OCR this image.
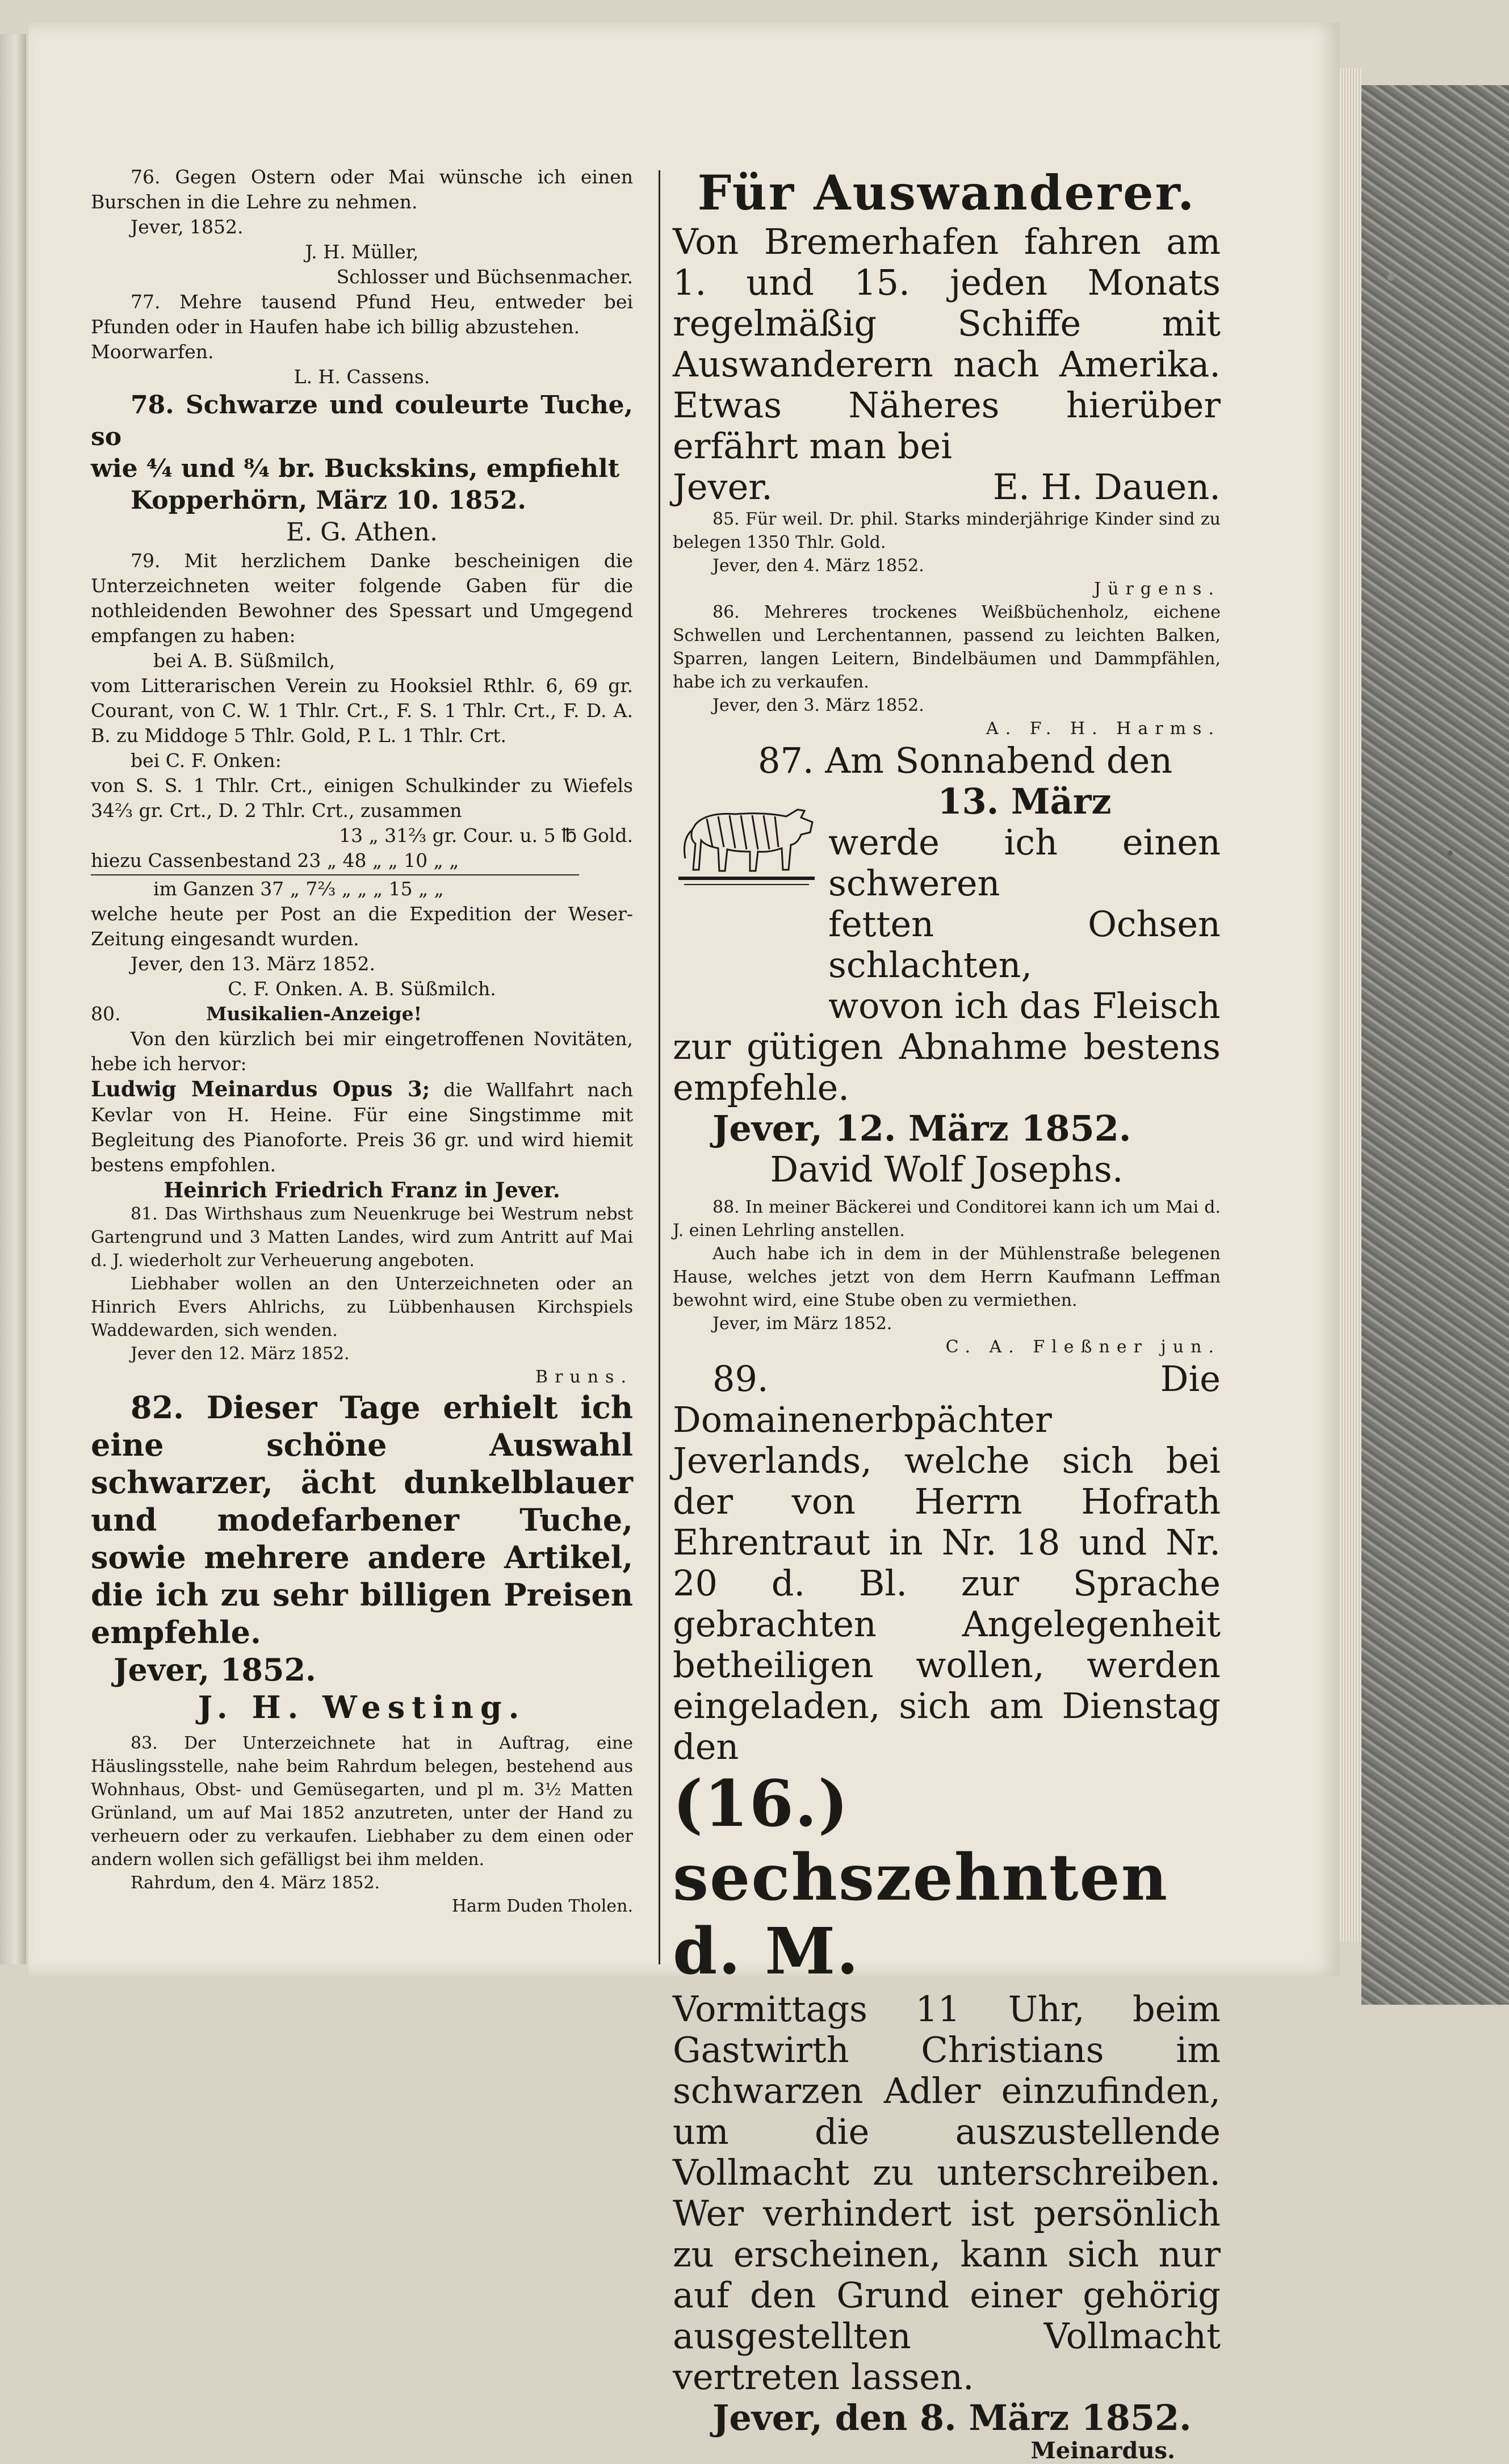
76. Gegen Ostern oder Mai wünsche ich einen Burschen in die Lehre zu nehmen.

Jever, 1852.

J. H. Müller,

Schlosser und Büchsenmacher.

77. Mehre tausend Pfund Heu, entweder bei Pfunden oder in Haufen habe ich billig abzustehen.

Moorwarfen.

L. H. Cassens.

78. Schwarze und couleurte Tuche, so

wie ⁴⁄₄ und ⁸⁄₄ br. Buckskins, empfiehlt

Kopperhörn, März 10. 1852.

E. G. Athen.

79. Mit herzlichem Danke bescheinigen die Unterzeichneten weiter folgende Gaben für die nothleidenden Bewohner des Spessart und Umgegend empfangen zu haben:

bei A. B. Süßmilch,

vom Litterarischen Verein zu Hooksiel Rthlr. 6, 69 gr. Courant, von C. W. 1 Thlr. Crt., F. S. 1 Thlr. Crt., F. D. A. B. zu Middoge 5 Thlr. Gold, P. L. 1 Thlr. Crt.

bei C. F. Onken:

von S. S. 1 Thlr. Crt., einigen Schulkinder zu Wiefels 34⅔ gr. Crt., D. 2 Thlr. Crt., zusammen

13 „ 31⅔ gr. Cour. u. 5 ℔ Gold.

hiezu Cassenbestand 23 „ 48 „ „ 10 „ „

im Ganzen 37 „ 7⅔ „ „ „ 15 „ „

welche heute per Post an die Expedition der Weser-Zeitung eingesandt wurden.

Jever, den 13. März 1852.

C. F. Onken. A. B. Süßmilch.

80.	Musikalien-Anzeige!

Von den kürzlich bei mir eingetroffenen Novitäten, hebe ich hervor:

Ludwig Meinardus Opus 3; die Wallfahrt nach Kevlar von H. Heine. Für eine Singstimme mit Begleitung des Pianoforte. Preis 36 gr. und wird hiemit bestens empfohlen.

Heinrich Friedrich Franz in Jever.

81. Das Wirthshaus zum Neuenkruge bei Westrum nebst Gartengrund und 3 Matten Landes, wird zum Antritt auf Mai d. J. wiederholt zur Verheuerung angeboten.

Liebhaber wollen an den Unterzeichneten oder an Hinrich Evers Ahlrichs, zu Lübbenhausen Kirchspiels Waddewarden, sich wenden.

Jever den 12. März 1852.

Bruns.

82. Dieser Tage erhielt ich eine schöne Auswahl schwarzer, ächt dunkelblauer und modefarbener Tuche, sowie mehrere andere Artikel, die ich zu sehr billigen Preisen empfehle.

Jever, 1852.

J. H. Westing.

83. Der Unterzeichnete hat in Auftrag, eine Häuslingsstelle, nahe beim Rahrdum belegen, bestehend aus Wohnhaus, Obst- und Gemüsegarten, und pl m. 3½ Matten Grünland, um auf Mai 1852 anzutreten, unter der Hand zu verheuern oder zu verkaufen. Liebhaber zu dem einen oder andern wollen sich gefälligst bei ihm melden.

Rahrdum, den 4. März 1852.

Harm Duden Tholen.

Für Auswanderer.

Von Bremerhafen fahren am 1. und 15. jeden Monats regelmäßig Schiffe mit Auswanderern nach Amerika. Etwas Näheres hierüber erfährt man bei

Jever.	E. H. Dauen.

85. Für weil. Dr. phil. Starks minderjährige Kinder sind zu belegen 1350 Thlr. Gold.

Jever, den 4. März 1852.

Jürgens.

86. Mehreres trockenes Weißbüchenholz, eichene Schwellen und Lerchentannen, passend zu leichten Balken, Sparren, langen Leitern, Bindelbäumen und Dammpfählen, habe ich zu verkaufen.

Jever, den 3. März 1852.

A. F. H. Harms.

87. Am Sonnabend den

13. März

werde ich einen schweren

fetten Ochsen schlachten,

wovon ich das Fleisch

zur gütigen Abnahme bestens empfehle.

Jever, 12. März 1852.

David Wolf Josephs.

88. In meiner Bäckerei und Conditorei kann ich um Mai d. J. einen Lehrling anstellen.

Auch habe ich in dem in der Mühlenstraße belegenen Hause, welches jetzt von dem Herrn Kaufmann Leffman bewohnt wird, eine Stube oben zu vermiethen.

Jever, im März 1852.

C. A. Fleßner jun.

89. Die Domainenerbpächter Jeverlands, welche sich bei der von Herrn Hofrath Ehrentraut in Nr. 18 und Nr. 20 d. Bl. zur Sprache gebrachten Angelegenheit betheiligen wollen, werden eingeladen, sich am Dienstag den

(16.) sechszehnten d. M.

Vormittags 11 Uhr, beim Gastwirth Christians im schwarzen Adler einzufinden, um die auszustellende Vollmacht zu unterschreiben. Wer verhindert ist persönlich zu erscheinen, kann sich nur auf den Grund einer gehörig ausgestellten Vollmacht vertreten lassen.

Jever, den 8. März 1852.

Meinardus.
